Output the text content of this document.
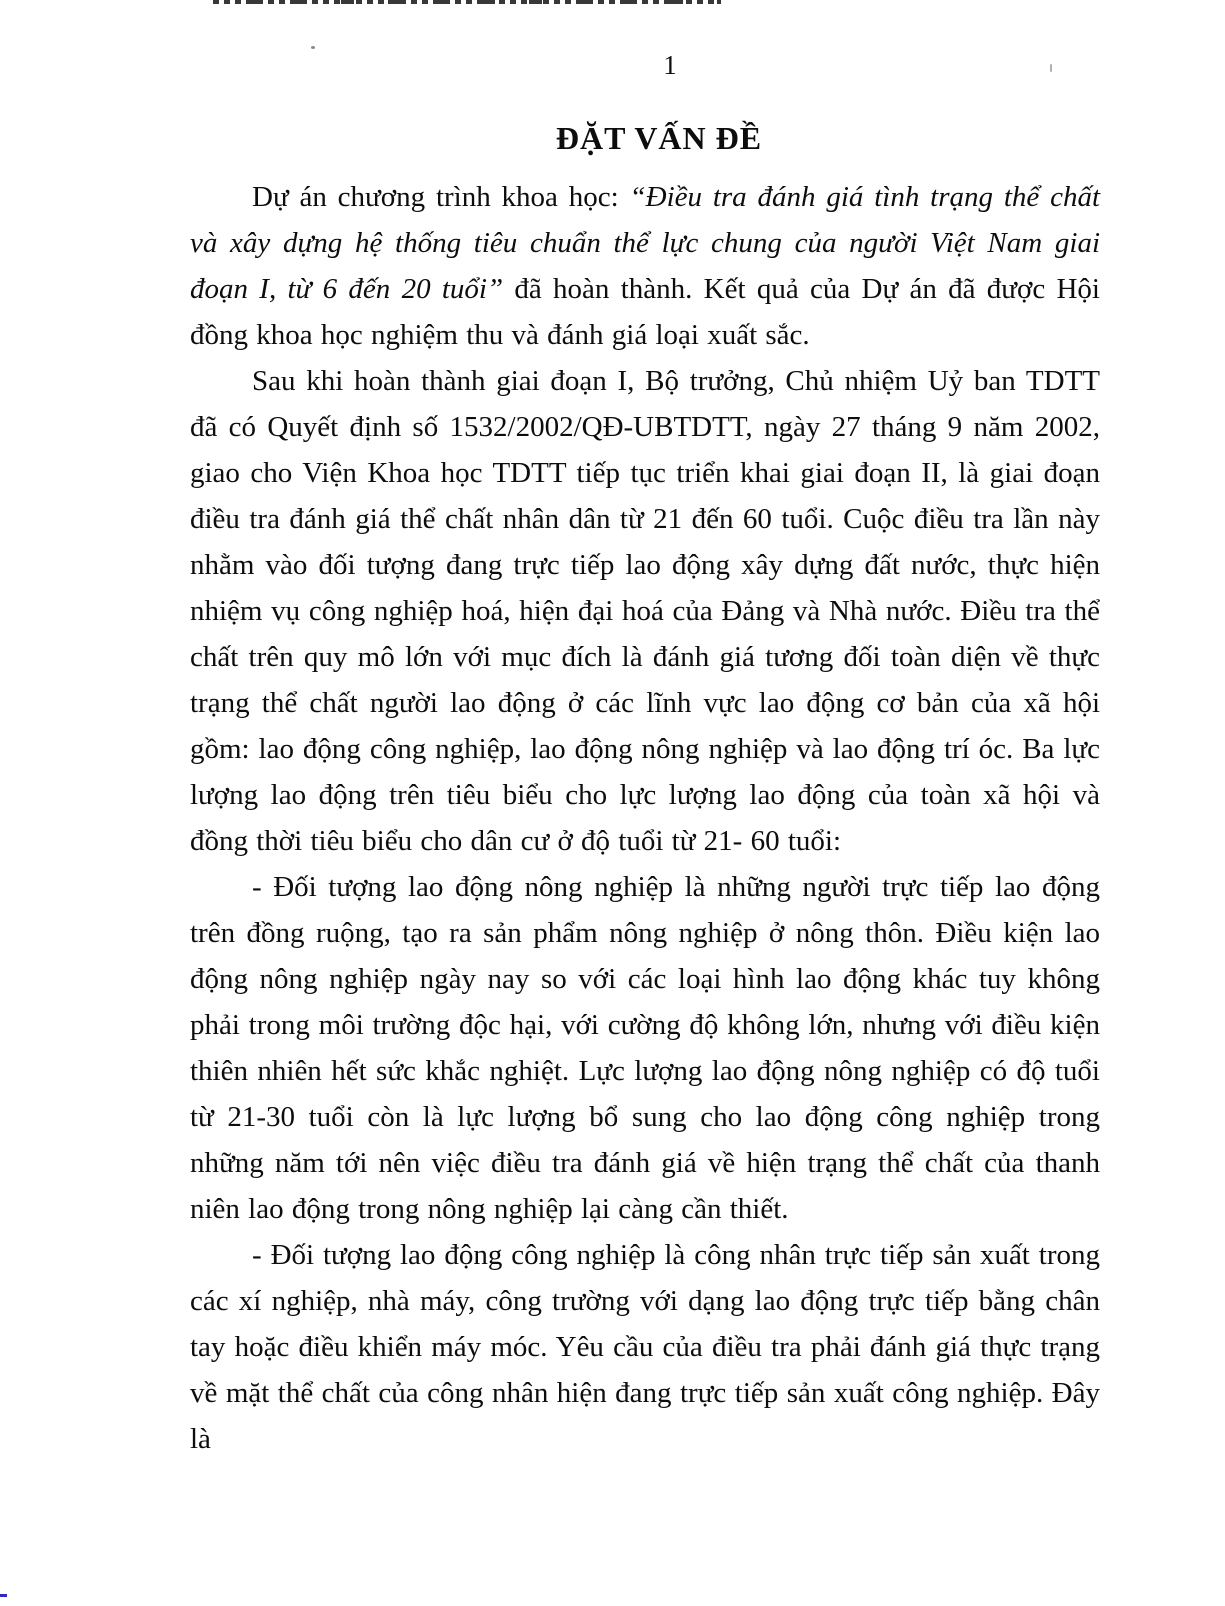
1
ĐẶT VẤN ĐỀ

Dự án chương trình khoa học: “Điều tra đánh giá tình trạng thể chất và xây dựng hệ thống tiêu chuẩn thể lực chung của người Việt Nam giai đoạn I, từ 6 đến 20 tuổi” đã hoàn thành. Kết quả của Dự án đã được Hội đồng khoa học nghiệm thu và đánh giá loại xuất sắc.

Sau khi hoàn thành giai đoạn I, Bộ trưởng, Chủ nhiệm Uỷ ban TDTT đã có Quyết định số 1532/2002/QĐ-UBTDTT, ngày 27 tháng 9 năm 2002, giao cho Viện Khoa học TDTT tiếp tục triển khai giai đoạn II, là giai đoạn điều tra đánh giá thể chất nhân dân từ 21 đến 60 tuổi. Cuộc điều tra lần này nhằm vào đối tượng đang trực tiếp lao động xây dựng đất nước, thực hiện nhiệm vụ công nghiệp hoá, hiện đại hoá của Đảng và Nhà nước. Điều tra thể chất trên quy mô lớn với mục đích là đánh giá tương đối toàn diện về thực trạng thể chất người lao động ở các lĩnh vực lao động cơ bản của xã hội gồm: lao động công nghiệp, lao động nông nghiệp và lao động trí óc. Ba lực lượng lao động trên tiêu biểu cho lực lượng lao động của toàn xã hội và đồng thời tiêu biểu cho dân cư ở độ tuổi từ 21- 60 tuổi:

- Đối tượng lao động nông nghiệp là những người trực tiếp lao động trên đồng ruộng, tạo ra sản phẩm nông nghiệp ở nông thôn. Điều kiện lao động nông nghiệp ngày nay so với các loại hình lao động khác tuy không phải trong môi trường độc hại, với cường độ không lớn, nhưng với điều kiện thiên nhiên hết sức khắc nghiệt. Lực lượng lao động nông nghiệp có độ tuổi từ 21-30 tuổi còn là lực lượng bổ sung cho lao động công nghiệp trong những năm tới nên việc điều tra đánh giá về hiện trạng thể chất của thanh niên lao động trong nông nghiệp lại càng cần thiết.

- Đối tượng lao động công nghiệp là công nhân trực tiếp sản xuất trong các xí nghiệp, nhà máy, công trường với dạng lao động trực tiếp bằng chân tay hoặc điều khiển máy móc. Yêu cầu của điều tra phải đánh giá thực trạng về mặt thể chất của công nhân hiện đang trực tiếp sản xuất công nghiệp. Đây là
